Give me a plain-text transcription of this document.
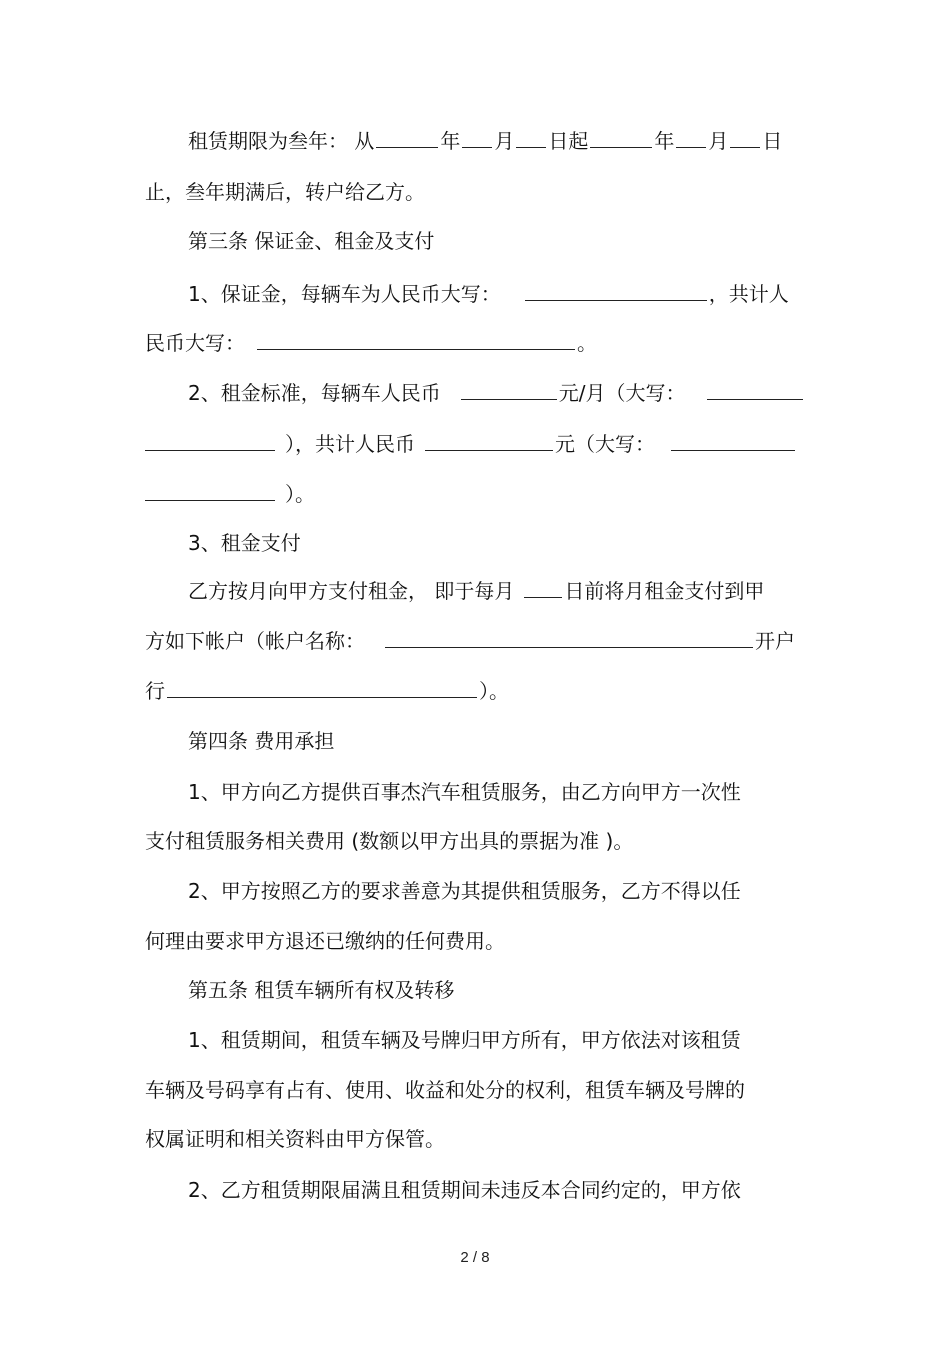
租赁期限为叁年： 从	年 月 日起	年 月 日
止，叁年期满后，转户给乙方。
第三条 保证金、租金及支付
1、保证金，每辆车为人民币大写：	，共计人
民币大写：	。
2、租金标准，每辆车人民币	元/月（大写：
），共计人民币	元（大写：
）。
3、租金支付
乙方按月向甲方支付租金， 即于每月	日前将月租金支付到甲
方如下帐户（帐户名称：	开户
行	）。
第四条 费用承担
1、甲方向乙方提供百事杰汽车租赁服务，由乙方向甲方一次性
支付租赁服务相关费用 (数额以甲方出具的票据为准 )。
2、甲方按照乙方的要求善意为其提供租赁服务，乙方不得以任
何理由要求甲方退还已缴纳的任何费用。
第五条 租赁车辆所有权及转移
1、租赁期间，租赁车辆及号牌归甲方所有，甲方依法对该租赁
车辆及号码享有占有、使用、收益和处分的权利，租赁车辆及号牌的
权属证明和相关资料由甲方保管。
2、乙方租赁期限届满且租赁期间未违反本合同约定的，甲方依
2 / 8
